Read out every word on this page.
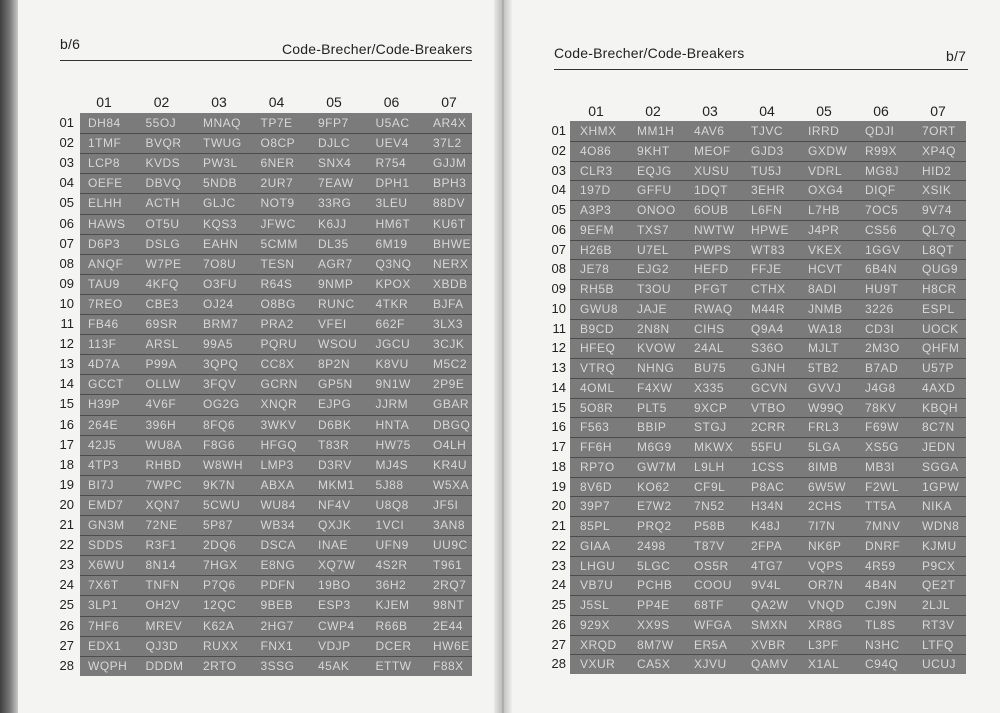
b/6	Code-Brecher/Code-Breakers	Code-Brecher/Code-Breakers	b/7
01	02	03	04	05	06	07
01 DH84 55OJ MNAQ TP7E 9FP7 U5AC AR4X
02 1TMF BVQR TWUG O8CP DJLC UEV4 37L2
03 LCP8 KVDS PW3L 6NER SNX4 R754 GJJM
04 OEFE DBVQ 5NDB 2UR7 7EAW DPH1 BPH3
05 ELHH ACTH GLJC NOT9 33RG 3LEU 88DV
06 HAWS OT5U KQS3 JFWC K6JJ HM6T KU6T
07 D6P3 DSLG EAHN 5CMM DL35 6M19 BHWE
08 ANQF W7PE 7O8U TESN AGR7 Q3NQ NERX
09 TAU9 4KFQ O3FU R64S 9NMP KPOX XBDB
10 7REO CBE3 OJ24 O8BG RUNC 4TKR BJFA
11 FB46 69SR BRM7 PRA2 VFEI 662F 3LX3
12 113F ARSL 99A5 PQRU WSOU JGCU 3CJK
13 4D7A P99A 3QPQ CC8X 8P2N K8VU M5C2
14 GCCT OLLW 3FQV GCRN GP5N 9N1W 2P9E
15 H39P 4V6F OG2G XNQR EJPG JJRM GBAR
16 264E 396H 8FQ6 3WKV D6BK HNTA DBGQ
17 42J5 WU8A F8G6 HFGQ T83R HW75 O4LH
18 4TP3 RHBD W8WH LMP3 D3RV MJ4S KR4U
19 BI7J	7WPC 9K7N ABXA MKM1 5J88 W5XA
20 EMD7 XQN7 5CWU WU84 NF4V U8Q8 JF5I
21 GN3M 72NE 5P87 WB34 QXJK 1VCI 3AN8
22 SDDS R3F1 2DQ6 DSCA INAE UFN9 UU9C
23 X6WU 8N14 7HGX E8NG XQ7W 4S2R T961
24 7X6T TNFN P7Q6 PDFN 19BO 36H2 2RQ7
25 3LP1 OH2V 12QC 9BEB ESP3 KJEM 98NT
26 7HF6 MREV K62A 2HG7 CWP4 R66B 2E44
27 EDX1 QJ3D RUXX FNX1 VDJP DCER HW6E
28 WQPH DDDM 2RTO 3SSG 45AK ETTW F88X
01	02	03	04	05	06	07
01 XHMX MM1H 4AV6 TJVC IRRD QDJI 7ORT
02 4O86 9KHT MEOF GJD3 GXDW R99X XP4Q
03 CLR3 EQJG XUSU TU5J VDRL MG8J HID2
04 197D GFFU 1DQT 3EHR OXG4 DIQF XSIK
05 A3P3 ONOO 6OUB L6FN L7HB 7OC5 9V74
06 9EFM TXS7 NWTW HPWE J4PR CS56 QL7Q
07 H26B U7EL PWPS WT83 VKEX 1GGV L8QT
08 JE78 EJG2 HEFD FFJE HCVT 6B4N QUG9
09 RH5B T3OU PFGT CTHX 8ADI HU9T H8CR
10 GWU8 JAJE RWAQ M44R JNMB 3226 ESPL
11 B9CD 2N8N CIHS Q9A4 WA18 CD3I UOCK
12 HFEQ KVOW 24AL S36O MJLT 2M3O QHFM
13 VTRQ NHNG BU75 GJNH 5TB2 B7AD U57P
14 4OML F4XW X335 GCVN GVVJ J4G8 4AXD
15 5O8R PLT5 9XCP VTBO W99Q 78KV KBQH
16 F563 BBIP STGJ 2CRR FRL3 F69W 8C7N
17 FF6H M6G9 MKWX 55FU 5LGA XS5G JEDN
18 RP7O GW7M L9LH 1CSS 8IMB MB3I SGGA
19 8V6D KO62 CF9L P8AC 6W5W F2WL 1GPW
20 39P7 E7W2 7N52 H34N 2CHS TT5A NIKA
21 85PL PRQ2 P58B K48J 7I7N 7MNV WDN8
22 GIAA 2498 T87V 2FPA NK6P DNRF KJMU
23 LHGU 5LGC OS5R 4TG7 VQPS 4R59 P9CX
24 VB7U PCHB COOU 9V4L OR7N 4B4N QE2T
25 J5SL PP4E 68TF QA2W VNQD CJ9N 2LJL
26 929X XX9S WFGA SMXN XR8G TL8S RT3V
27 XRQD 8M7W ER5A XVBR L3PF N3HC LTFQ
28 VXUR CA5X XJVU QAMV X1AL C94Q UCUJ
